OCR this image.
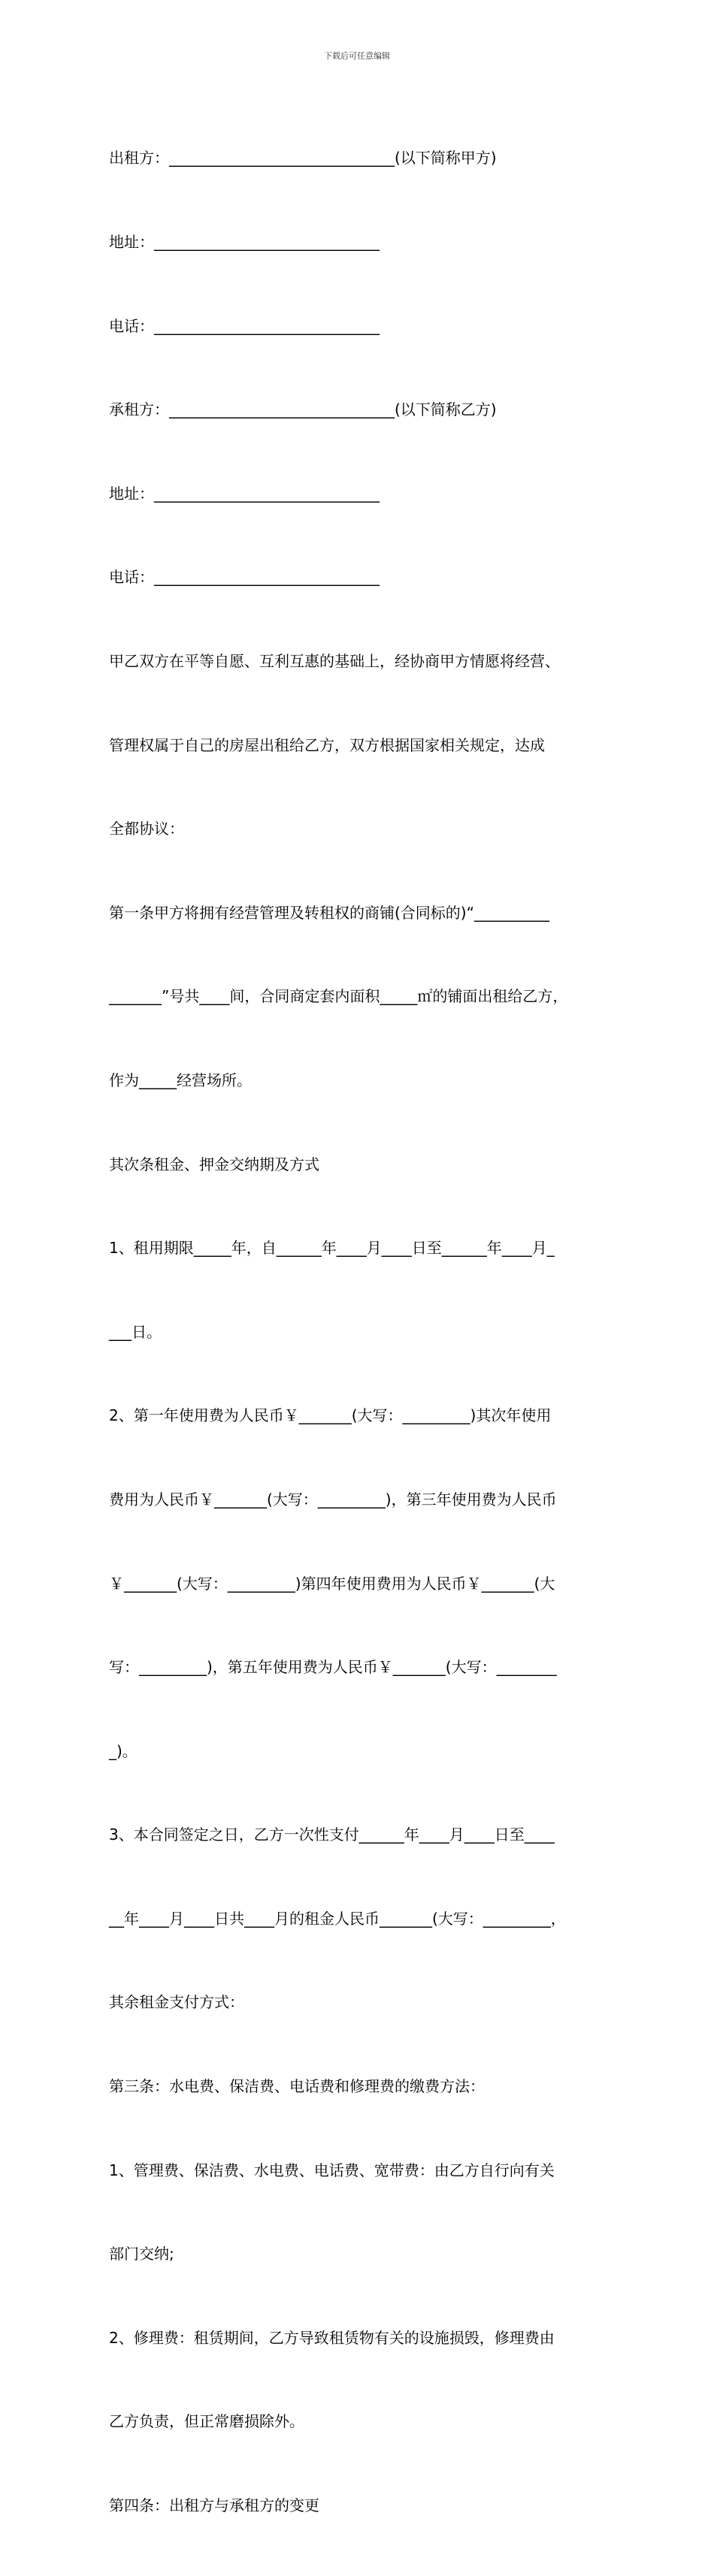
下载后可任意编辑

出租方：______________________________(以下简称甲方)

地址：______________________________

电话：______________________________

承租方：______________________________(以下简称乙方)

地址：______________________________

电话：______________________________

甲乙双方在平等自愿、互利互惠的基础上，经协商甲方情愿将经营、

管理权属于自己的房屋出租给乙方，双方根据国家相关规定，达成

全都协议：

第一条甲方将拥有经营管理及转租权的商铺(合同标的)“__________

_______”号共____间，合同商定套内面积_____㎡的铺面出租给乙方，

作为_____经营场所。

其次条租金、押金交纳期及方式

1、租用期限_____年，自______年____月____日至______年____月_

___日。

2、第一年使用费为人民币￥_______(大写：_________)其次年使用

费用为人民币￥_______(大写：_________)，第三年使用费为人民币

￥_______(大写：_________)第四年使用费用为人民币￥_______(大

写：_________)，第五年使用费为人民币￥_______(大写：________

_)。

3、本合同签定之日，乙方一次性支付______年____月____日至____

__年____月____日共____月的租金人民币_______(大写：_________，

其余租金支付方式：

第三条：水电费、保洁费、电话费和修理费的缴费方法：

1、管理费、保洁费、水电费、电话费、宽带费：由乙方自行向有关

部门交纳;

2、修理费：租赁期间，乙方导致租赁物有关的设施损毁，修理费由

乙方负责，但正常磨损除外。

第四条：出租方与承租方的变更
